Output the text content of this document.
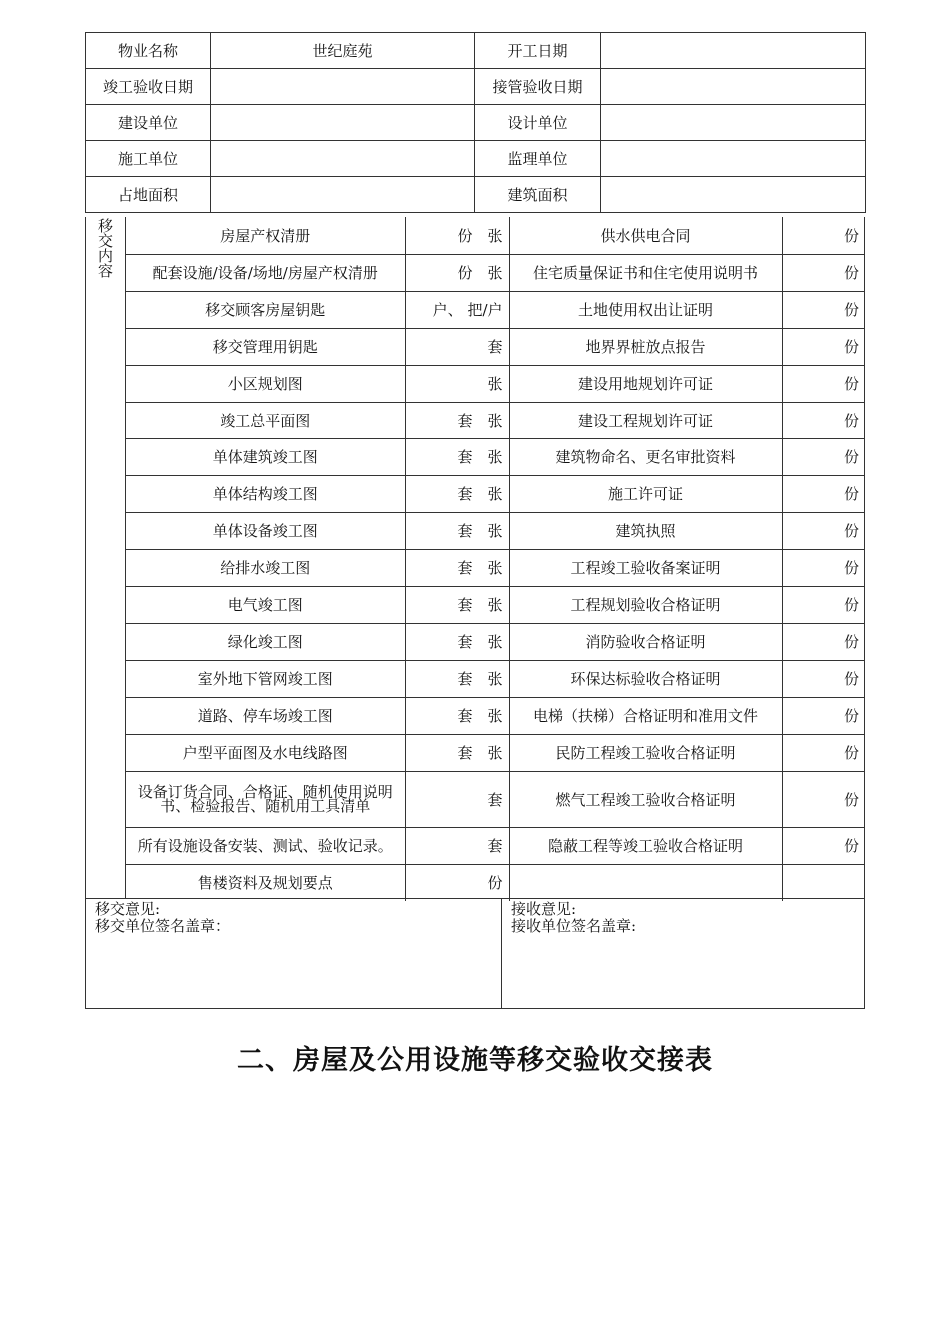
物业名称	世纪庭苑	开工日期	
竣工验收日期		接管验收日期	
建设单位		设计单位	
施工单位		监理单位	
占地面积		建筑面积	
移交内容
房屋产权清册	份　张	供水供电合同	份
配套设施/设备/场地/房屋产权清册	份　张	住宅质量保证书和住宅使用说明书	份
移交顾客房屋钥匙	户、 把/户	土地使用权出让证明	份
移交管理用钥匙	套	地界界桩放点报告	份
小区规划图	张	建设用地规划许可证	份
竣工总平面图	套　张	建设工程规划许可证	份
单体建筑竣工图	套　张	建筑物命名、更名审批资料	份
单体结构竣工图	套　张	施工许可证	份
单体设备竣工图	套　张	建筑执照	份
给排水竣工图	套　张	工程竣工验收备案证明	份
电气竣工图	套　张	工程规划验收合格证明	份
绿化竣工图	套　张	消防验收合格证明	份
室外地下管网竣工图	套　张	环保达标验收合格证明	份
道路、停车场竣工图	套　张	电梯（扶梯）合格证明和准用文件	份
户型平面图及水电线路图	套　张	民防工程竣工验收合格证明	份
设备订货合同、合格证、随机使用说明书、检验报告、随机用工具清单	套	燃气工程竣工验收合格证明	份
所有设施设备安装、测试、验收记录。	套	隐蔽工程等竣工验收合格证明	份
售楼资料及规划要点	份		
移交意见:
移交单位签名盖章：
接收意见:
接收单位签名盖章:
二、房屋及公用设施等移交验收交接表
